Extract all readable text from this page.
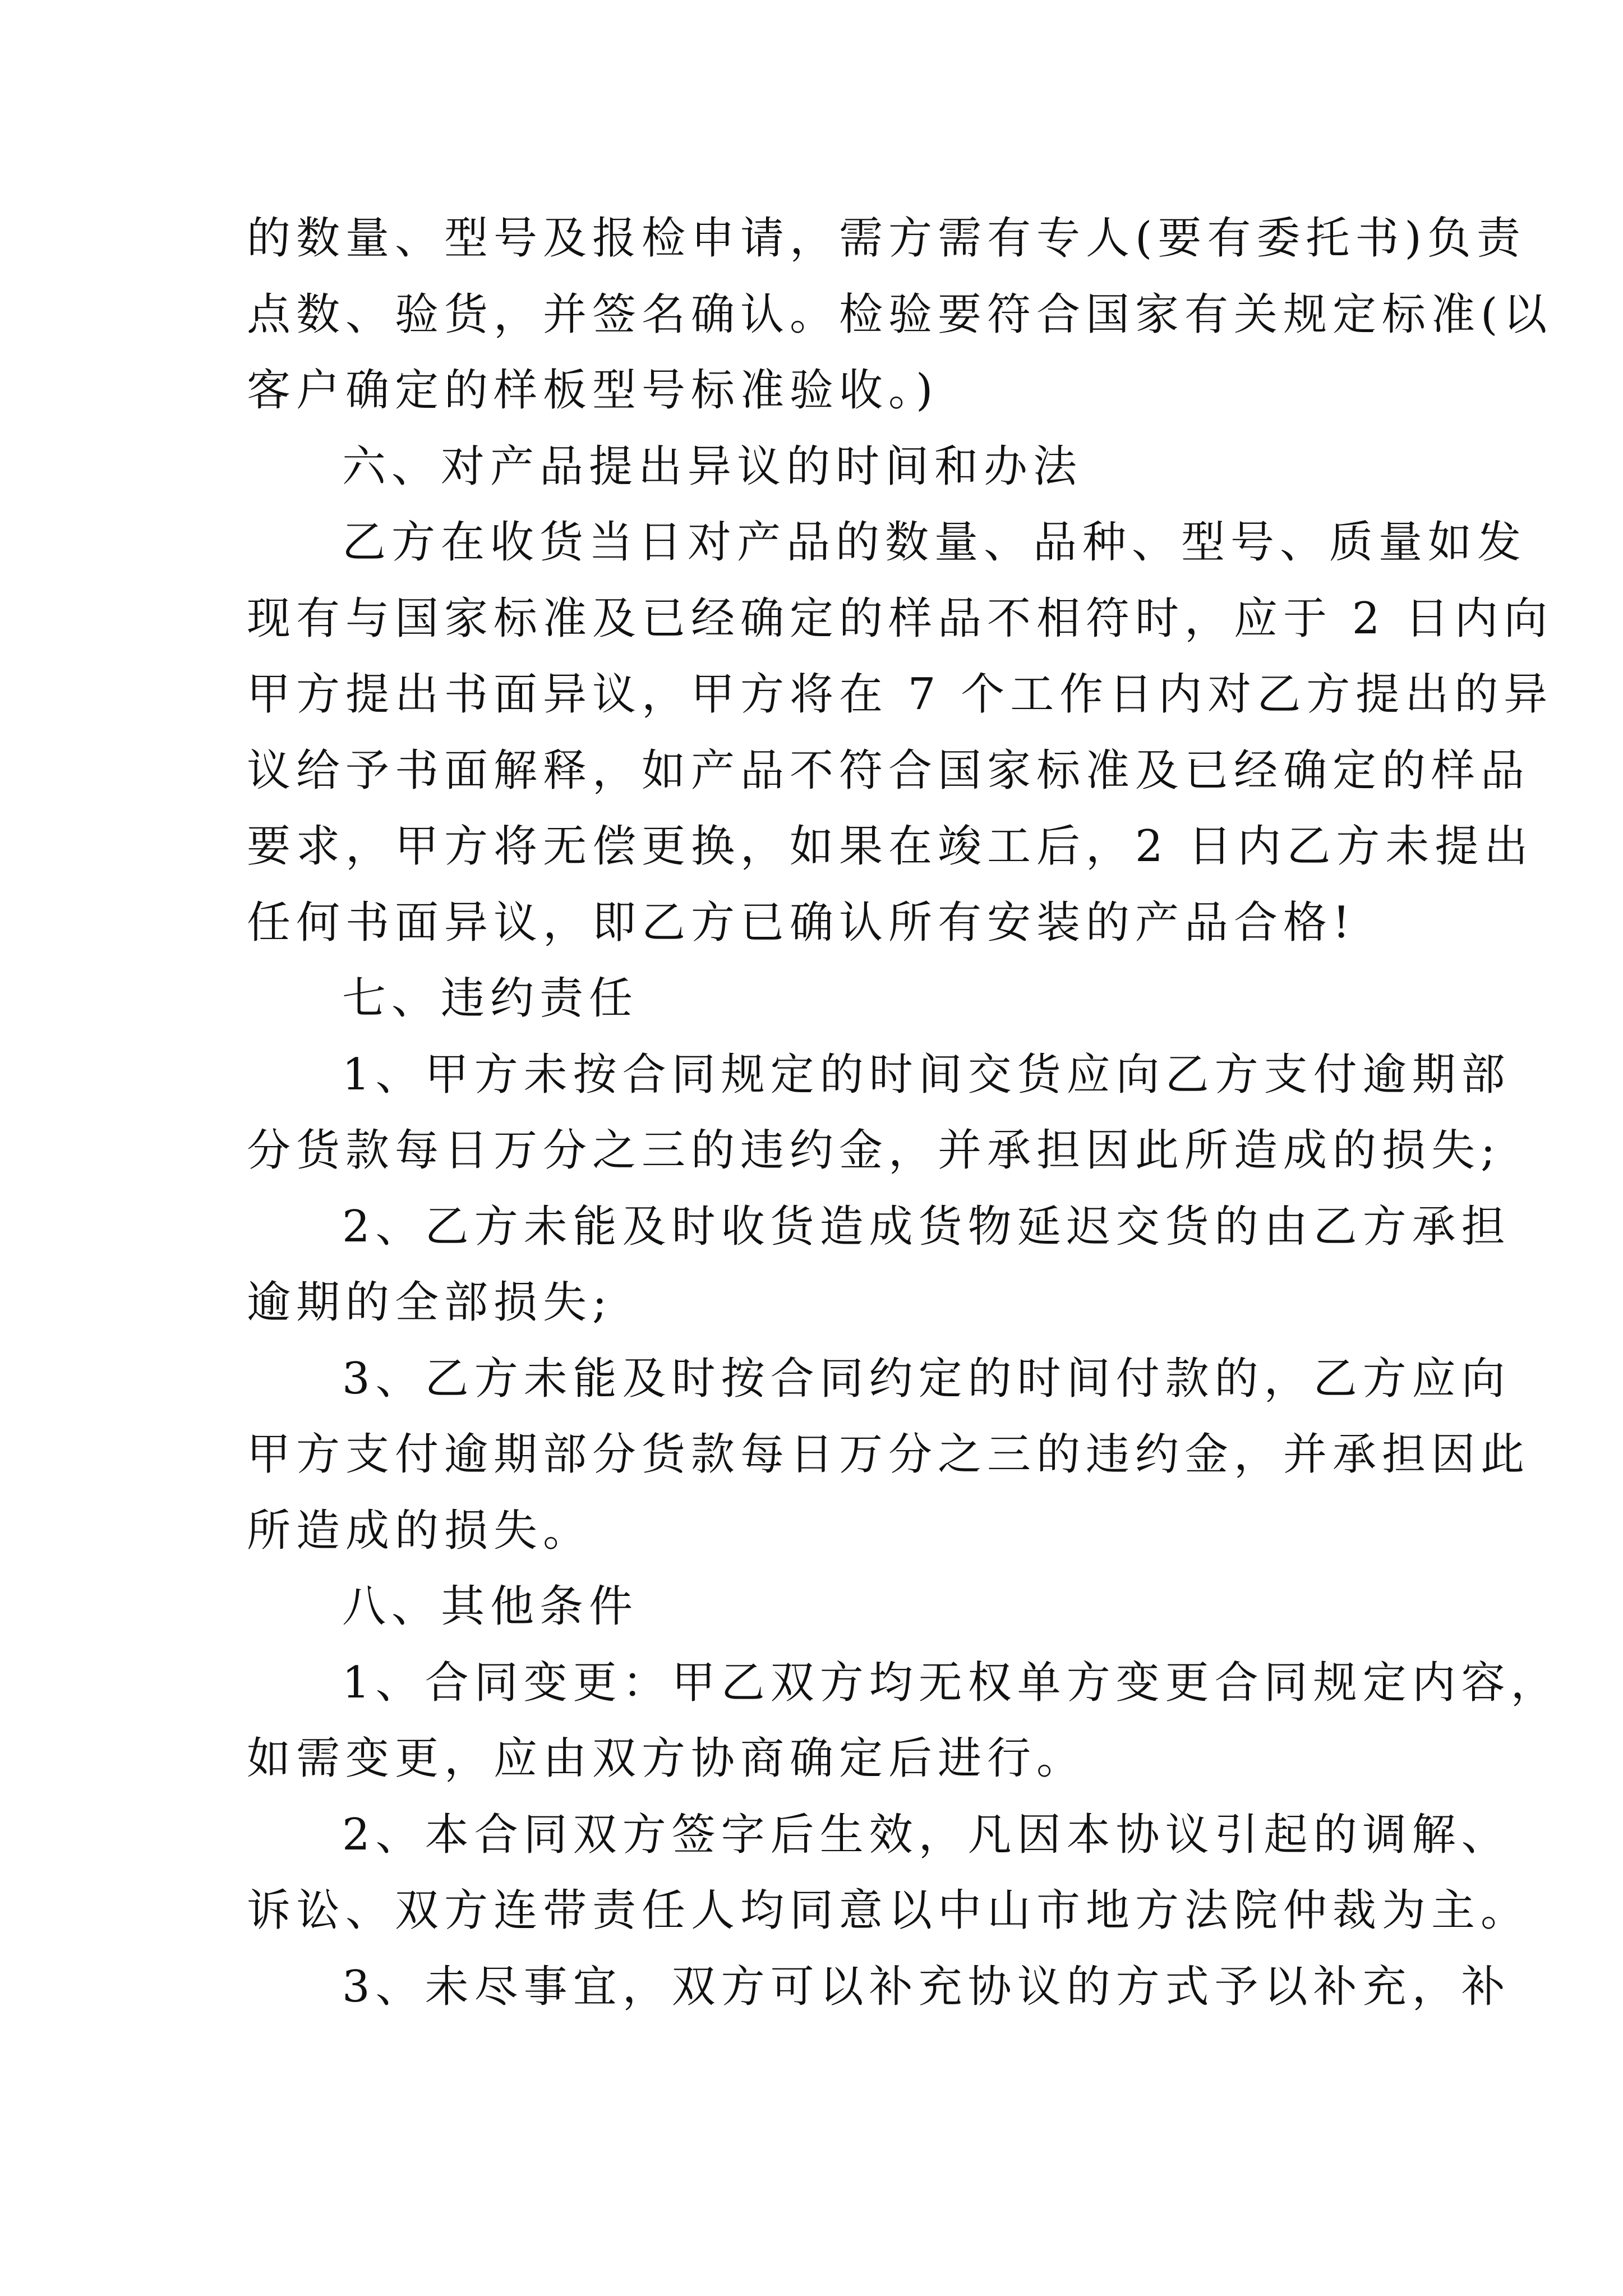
的数量、型号及报检申请，需方需有专人(要有委托书)负责
点数、验货，并签名确认。检验要符合国家有关规定标准(以
客户确定的样板型号标准验收。)
六、对产品提出异议的时间和办法
乙方在收货当日对产品的数量、品种、型号、质量如发
现有与国家标准及已经确定的样品不相符时，应于 2 日内向
甲方提出书面异议，甲方将在 7 个工作日内对乙方提出的异
议给予书面解释，如产品不符合国家标准及已经确定的样品
要求，甲方将无偿更换，如果在竣工后，2 日内乙方未提出
任何书面异议，即乙方已确认所有安装的产品合格!
七、违约责任
1、甲方未按合同规定的时间交货应向乙方支付逾期部
分货款每日万分之三的违约金，并承担因此所造成的损失;
2、乙方未能及时收货造成货物延迟交货的由乙方承担
逾期的全部损失;
3、乙方未能及时按合同约定的时间付款的，乙方应向
甲方支付逾期部分货款每日万分之三的违约金，并承担因此
所造成的损失。
八、其他条件
1、合同变更：甲乙双方均无权单方变更合同规定内容，
如需变更，应由双方协商确定后进行。
2、本合同双方签字后生效，凡因本协议引起的调解、
诉讼、双方连带责任人均同意以中山市地方法院仲裁为主。
3、未尽事宜，双方可以补充协议的方式予以补充，补
